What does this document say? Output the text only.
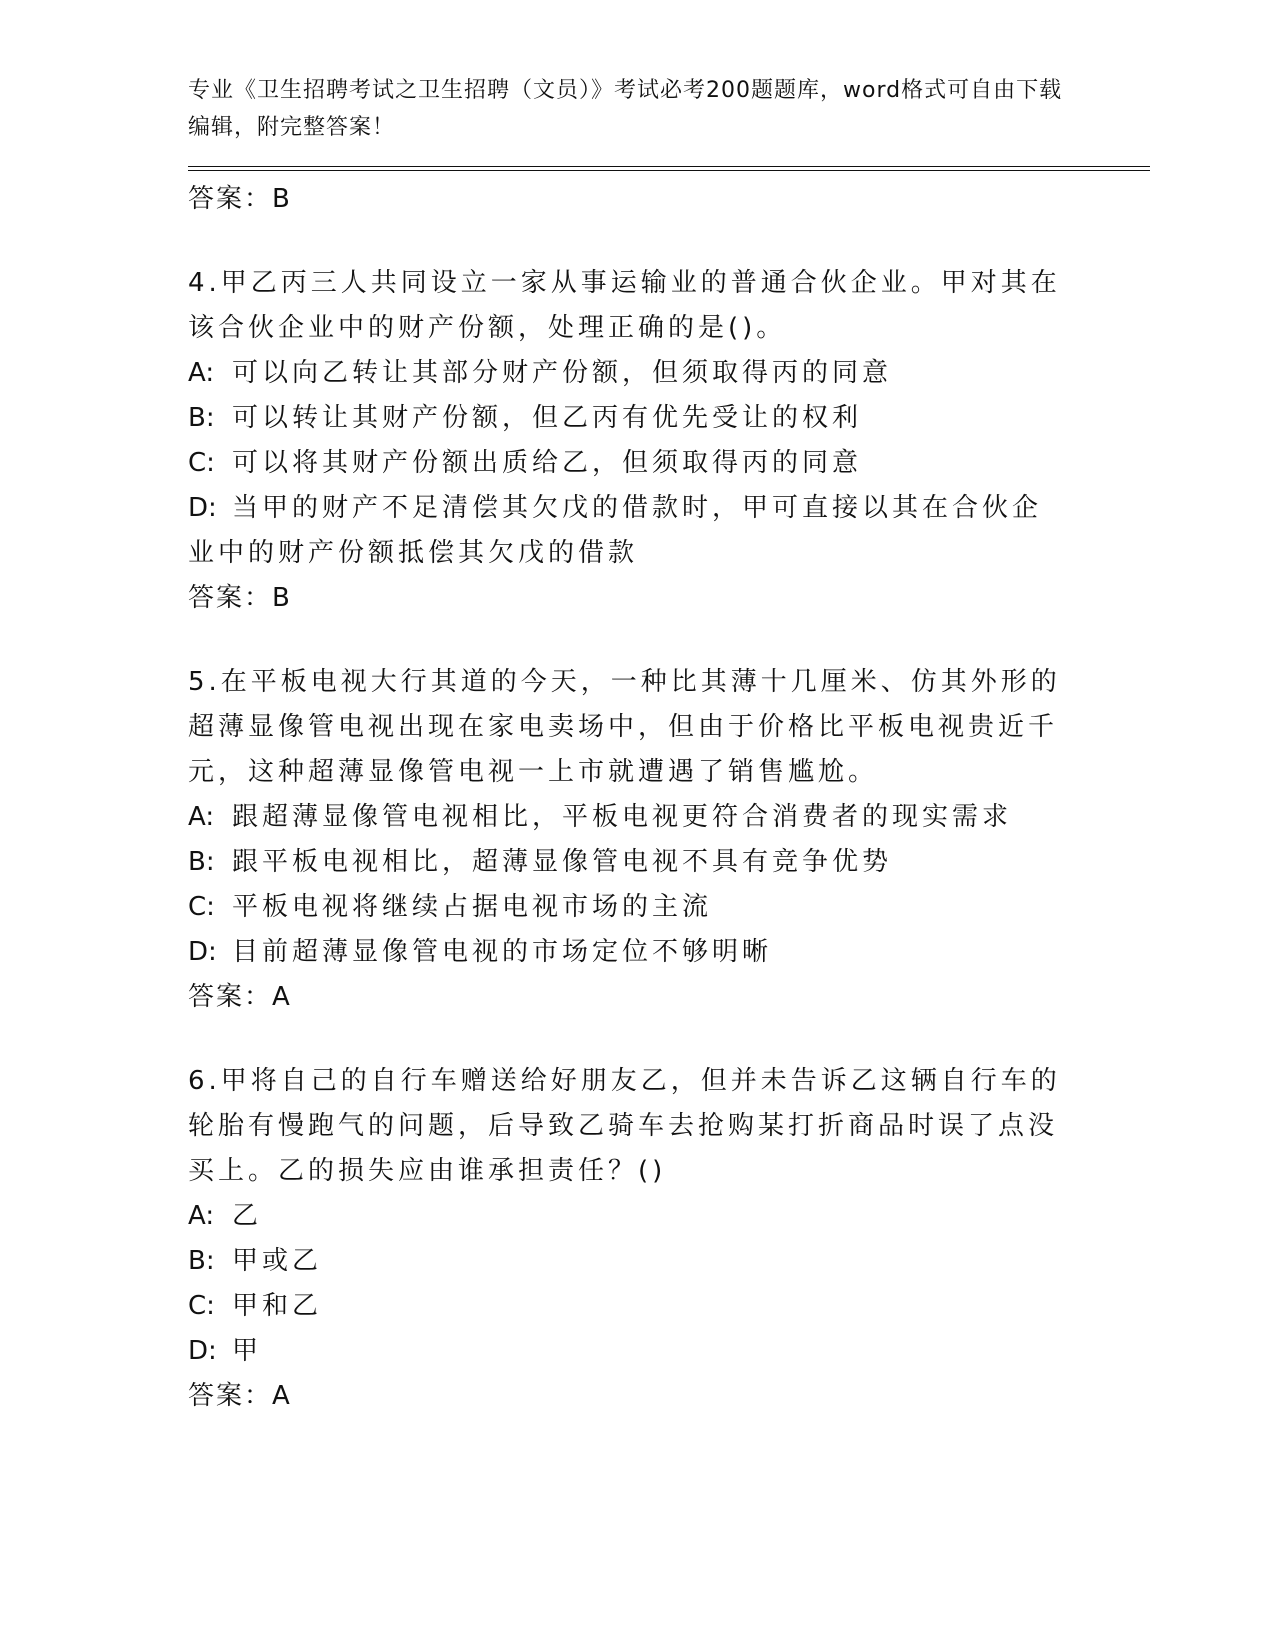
专业《卫生招聘考试之卫生招聘（文员）》考试必考200题题库，word格式可自由下载编辑，附完整答案！
答案：B
4.甲乙丙三人共同设立一家从事运输业的普通合伙企业。甲对其在该合伙企业中的财产份额，处理正确的是()。
A: 可以向乙转让其部分财产份额，但须取得丙的同意
B: 可以转让其财产份额，但乙丙有优先受让的权利
C: 可以将其财产份额出质给乙，但须取得丙的同意
D: 当甲的财产不足清偿其欠戊的借款时，甲可直接以其在合伙企业中的财产份额抵偿其欠戊的借款
答案：B
5.在平板电视大行其道的今天，一种比其薄十几厘米、仿其外形的超薄显像管电视出现在家电卖场中，但由于价格比平板电视贵近千元，这种超薄显像管电视一上市就遭遇了销售尴尬。
A: 跟超薄显像管电视相比，平板电视更符合消费者的现实需求
B: 跟平板电视相比，超薄显像管电视不具有竞争优势
C: 平板电视将继续占据电视市场的主流
D: 目前超薄显像管电视的市场定位不够明晰
答案：A
6.甲将自己的自行车赠送给好朋友乙，但并未告诉乙这辆自行车的轮胎有慢跑气的问题，后导致乙骑车去抢购某打折商品时误了点没买上。乙的损失应由谁承担责任？()
A: 乙
B: 甲或乙
C: 甲和乙
D: 甲
答案：A
